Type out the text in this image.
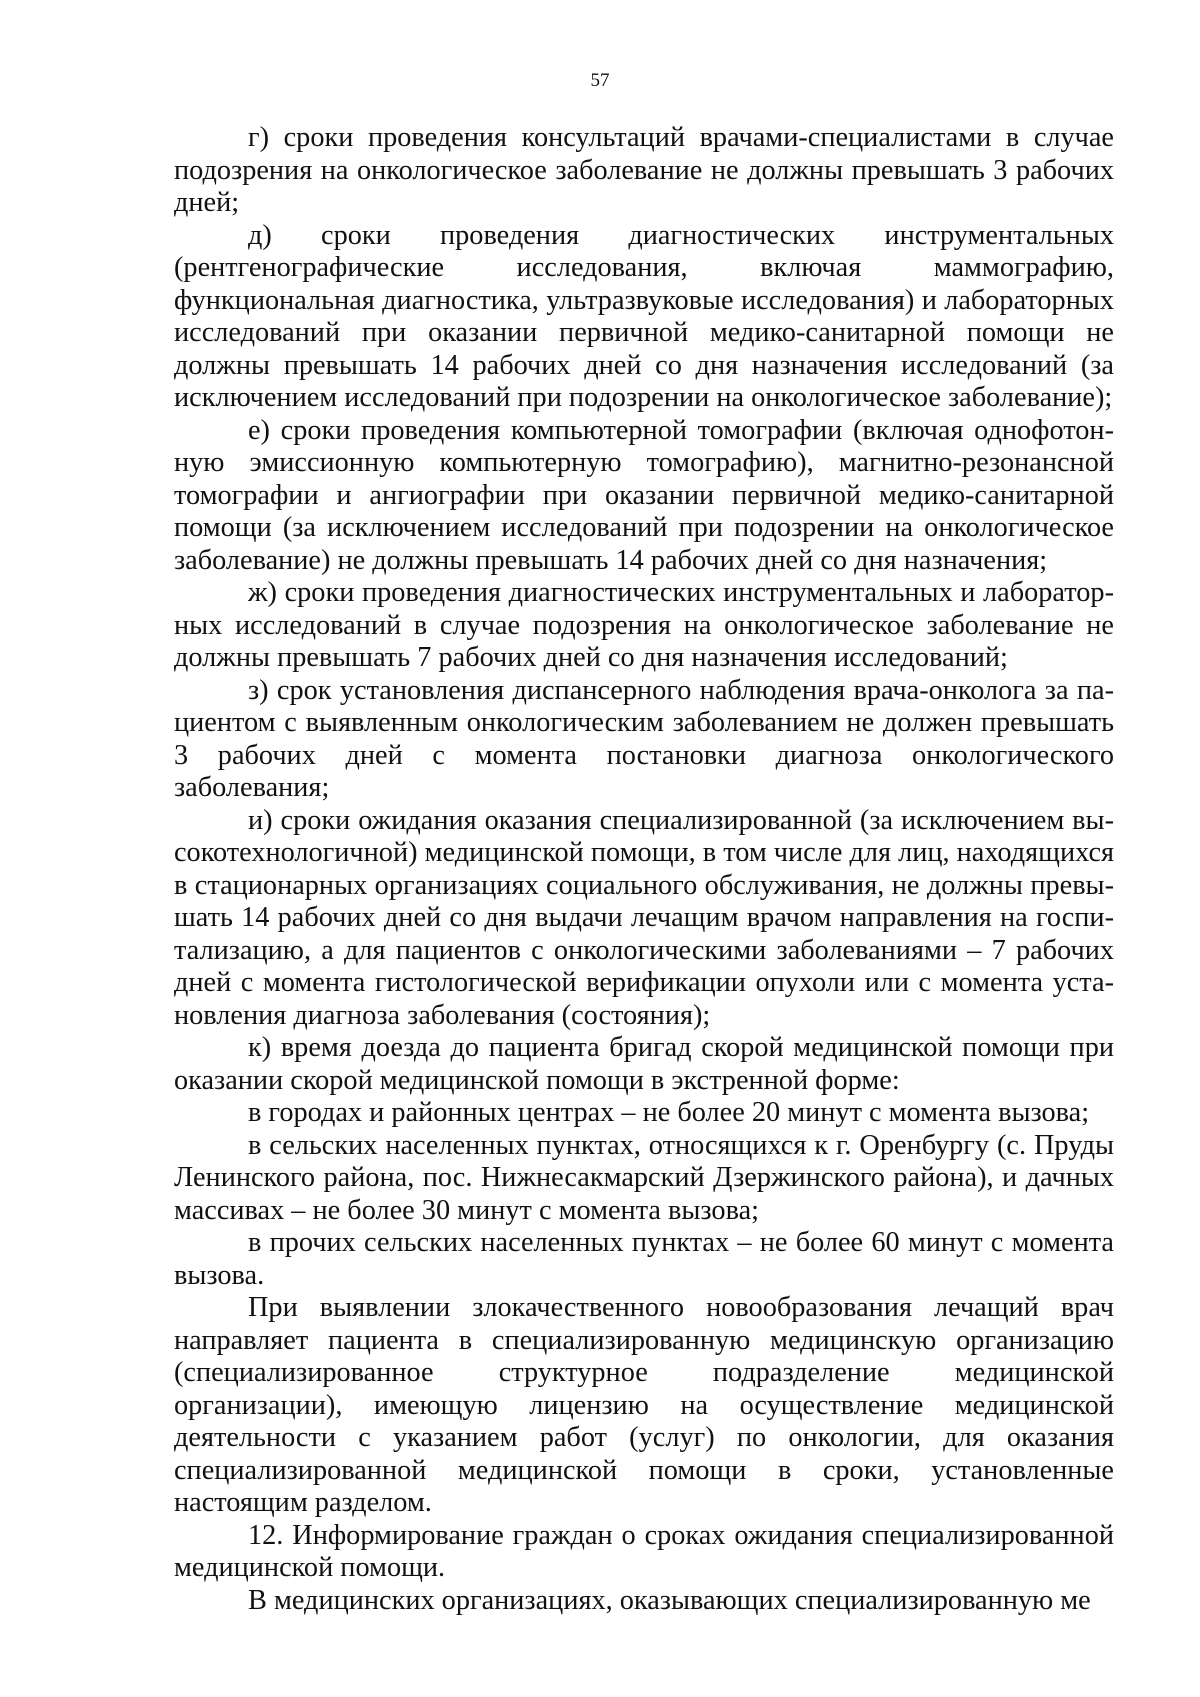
57

г) сроки проведения консультаций врачами-специалистами в случае подозрения на онкологическое заболевание не должны превышать 3 рабочих дней;

д) сроки проведения диагностических инструментальных (рентгенографические исследования, включая маммографию, функциональная диагностика, ультразвуковые исследования) и лабораторных исследований при оказании первичной медико-санитарной помощи не должны превышать 14 рабочих дней со дня назначения исследований (за исключением исследований при подозрении на онкологическое заболевание);

е) сроки проведения компьютерной томографии (включая однофотонную эмиссионную компьютерную томографию), магнитно-резонансной томографии и ангиографии при оказании первичной медико-санитарной помощи (за исключением исследований при подозрении на онкологическое заболевание) не должны превышать 14 рабочих дней со дня назначения;

ж) сроки проведения диагностических инструментальных и лабораторных исследований в случае подозрения на онкологическое заболевание не должны превышать 7 рабочих дней со дня назначения исследований;

з) срок установления диспансерного наблюдения врача-онколога за пациентом с выявленным онкологическим заболеванием не должен превышать 3 рабочих дней с момента постановки диагноза онкологического заболевания;

и) сроки ожидания оказания специализированной (за исключением высокотехнологичной) медицинской помощи, в том числе для лиц, находящихся в стационарных организациях социального обслуживания, не должны превышать 14 рабочих дней со дня выдачи лечащим врачом направления на госпитализацию, а для пациентов с онкологическими заболеваниями – 7 рабочих дней с момента гистологической верификации опухоли или с момента установления диагноза заболевания (состояния);

к) время доезда до пациента бригад скорой медицинской помощи при оказании скорой медицинской помощи в экстренной форме:

в городах и районных центрах – не более 20 минут с момента вызова;

в сельских населенных пунктах, относящихся к г. Оренбургу (с. Пруды Ленинского района, пос. Нижнесакмарский Дзержинского района), и дачных массивах – не более 30 минут с момента вызова;

в прочих сельских населенных пунктах – не более 60 минут с момента вызова.

При выявлении злокачественного новообразования лечащий врач направляет пациента в специализированную медицинскую организацию (специализированное структурное подразделение медицинской организации), имеющую лицензию на осуществление медицинской деятельности с указанием работ (услуг) по онкологии, для оказания специализированной медицинской помощи в сроки, установленные настоящим разделом.

12. Информирование граждан о сроках ожидания специализированной медицинской помощи.

В медицинских организациях, оказывающих специализированную ме
